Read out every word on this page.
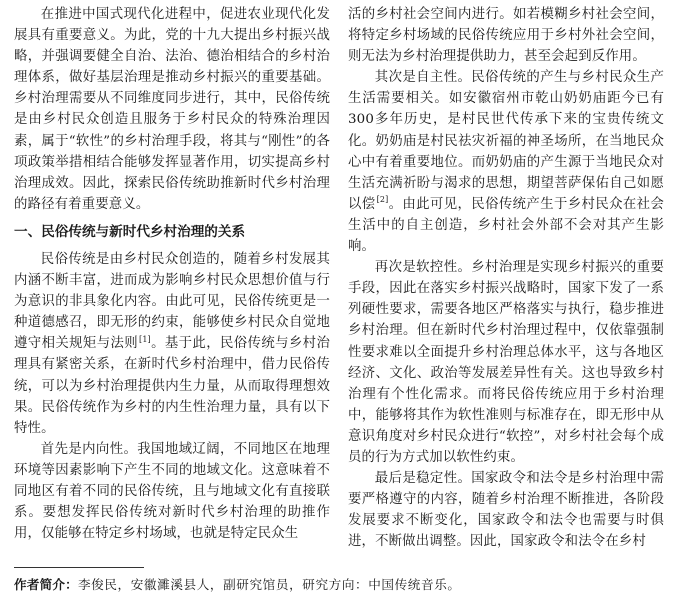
在推进中国式现代化进程中，促进农业现代化发展具有重要意义。为此，党的十九大提出乡村振兴战略，并强调要健全自治、法治、德治相结合的乡村治理体系，做好基层治理是推动乡村振兴的重要基础。乡村治理需要从不同维度同步进行，其中，民俗传统是由乡村民众创造且服务于乡村民众的特殊治理因素，属于“软性”的乡村治理手段，将其与“刚性”的各项政策举措相结合能够发挥显著作用，切实提高乡村治理成效。因此，探索民俗传统助推新时代乡村治理的路径有着重要意义。

一、民俗传统与新时代乡村治理的关系

民俗传统是由乡村民众创造的，随着乡村发展其内涵不断丰富，进而成为影响乡村民众思想价值与行为意识的非具象化内容。由此可见，民俗传统更是一种道德感召，即无形的约束，能够使乡村民众自觉地遵守相关规矩与法则[1]。基于此，民俗传统与乡村治理具有紧密关系，在新时代乡村治理中，借力民俗传统，可以为乡村治理提供内生力量，从而取得理想效果。民俗传统作为乡村的内生性治理力量，具有以下特性。

首先是内向性。我国地域辽阔，不同地区在地理环境等因素影响下产生不同的地域文化。这意味着不同地区有着不同的民俗传统，且与地域文化有直接联系。要想发挥民俗传统对新时代乡村治理的助推作用，仅能够在特定乡村场域，也就是特定民众生

活的乡村社会空间内进行。如若模糊乡村社会空间，将特定乡村场域的民俗传统应用于乡村外社会空间，则无法为乡村治理提供助力，甚至会起到反作用。

其次是自主性。民俗传统的产生与乡村民众生产生活需要相关。如安徽宿州市乾山奶奶庙距今已有300多年历史，是村民世代传承下来的宝贵传统文化。奶奶庙是村民祛灾祈福的神圣场所，在当地民众心中有着重要地位。而奶奶庙的产生源于当地民众对生活充满祈盼与渴求的思想，期望菩萨保佑自己如愿以偿[2]。由此可见，民俗传统产生于乡村民众在社会生活中的自主创造，乡村社会外部不会对其产生影响。

再次是软控性。乡村治理是实现乡村振兴的重要手段，因此在落实乡村振兴战略时，国家下发了一系列硬性要求，需要各地区严格落实与执行，稳步推进乡村治理。但在新时代乡村治理过程中，仅依靠强制性要求难以全面提升乡村治理总体水平，这与各地区经济、文化、政治等发展差异性有关。这也导致乡村治理有个性化需求。而将民俗传统应用于乡村治理中，能够将其作为软性准则与标准存在，即无形中从意识角度对乡村民众进行“软控”，对乡村社会每个成员的行为方式加以软性约束。

最后是稳定性。国家政令和法令是乡村治理中需要严格遵守的内容，随着乡村治理不断推进，各阶段发展要求不断变化，国家政令和法令也需要与时俱进，不断做出调整。因此，国家政令和法令在乡村

作者简介：李俊民，安徽濉溪县人，副研究馆员，研究方向：中国传统音乐。
